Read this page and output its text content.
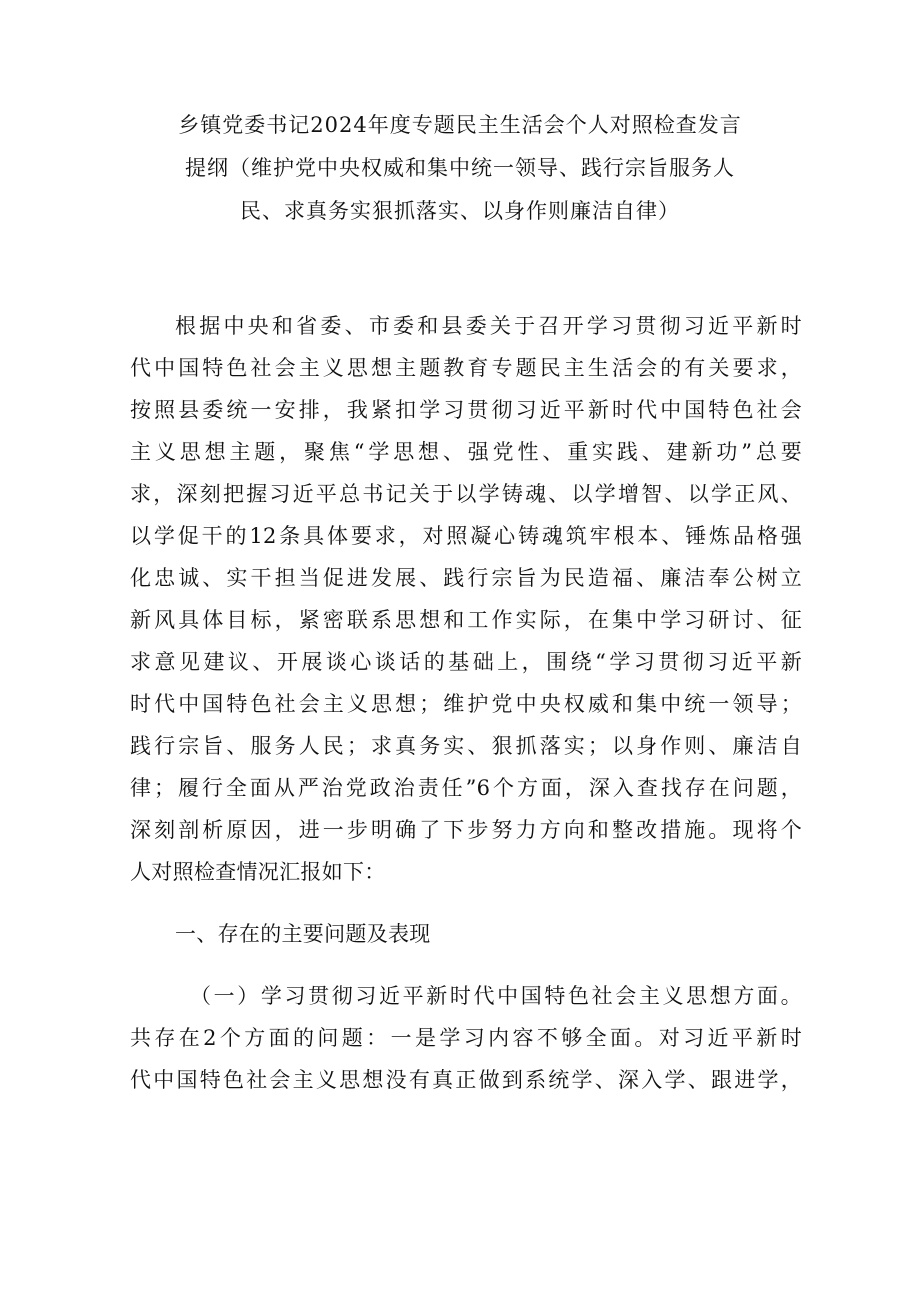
乡镇党委书记2024年度专题民主生活会个人对照检查发言
提纲（维护党中央权威和集中统一领导、践行宗旨服务人
民、求真务实狠抓落实、以身作则廉洁自律）
根据中央和省委、市委和县委关于召开学习贯彻习近平新时
代中国特色社会主义思想主题教育专题民主生活会的有关要求，
按照县委统一安排，我紧扣学习贯彻习近平新时代中国特色社会
主义思想主题，聚焦“学思想、强党性、重实践、建新功”总要
求，深刻把握习近平总书记关于以学铸魂、以学增智、以学正风、
以学促干的12条具体要求，对照凝心铸魂筑牢根本、锤炼品格强
化忠诚、实干担当促进发展、践行宗旨为民造福、廉洁奉公树立
新风具体目标，紧密联系思想和工作实际，在集中学习研讨、征
求意见建议、开展谈心谈话的基础上，围绕“学习贯彻习近平新
时代中国特色社会主义思想；维护党中央权威和集中统一领导；
践行宗旨、服务人民；求真务实、狠抓落实；以身作则、廉洁自
律；履行全面从严治党政治责任”6个方面，深入查找存在问题，
深刻剖析原因，进一步明确了下步努力方向和整改措施。现将个
人对照检查情况汇报如下：
一、存在的主要问题及表现
（一）学习贯彻习近平新时代中国特色社会主义思想方面。
共存在2个方面的问题：一是学习内容不够全面。对习近平新时
代中国特色社会主义思想没有真正做到系统学、深入学、跟进学，
